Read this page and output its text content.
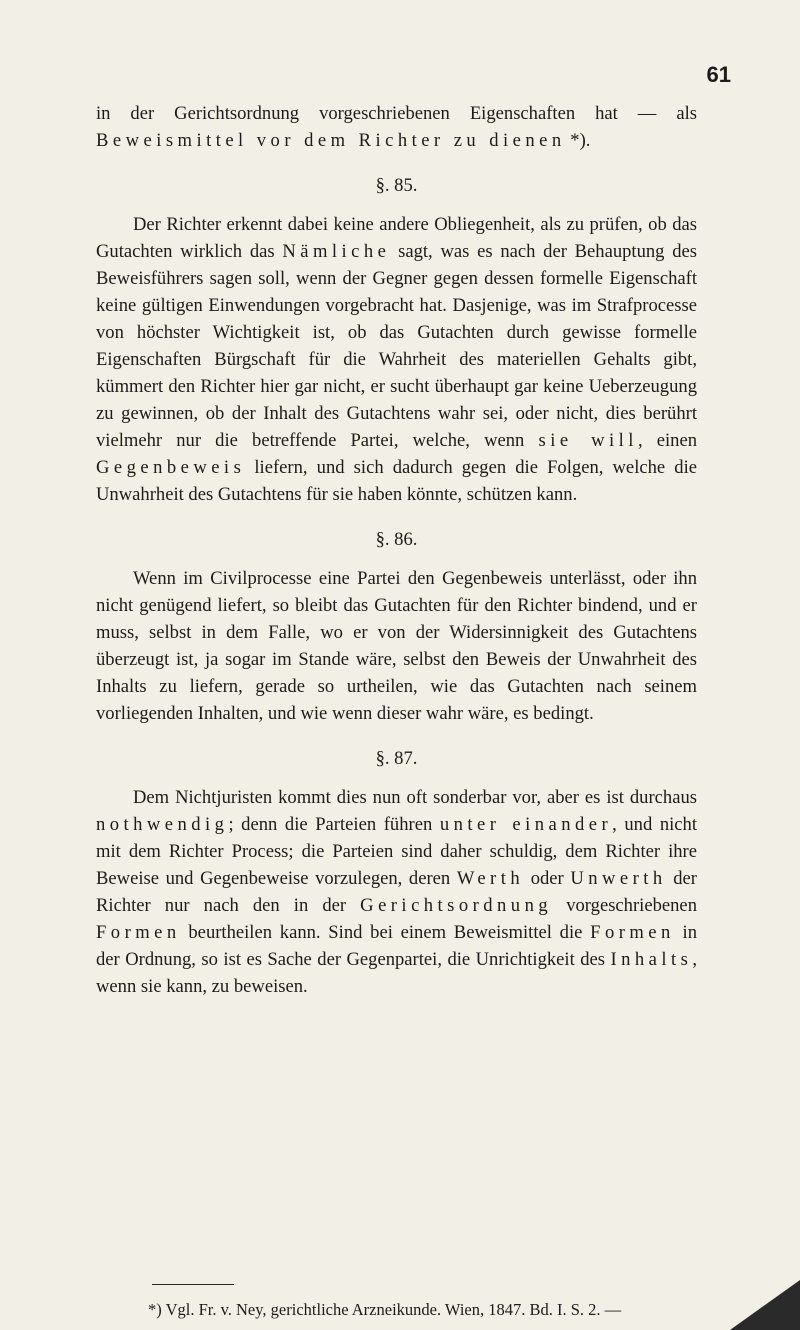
61

in der Gerichtsordnung vorgeschriebenen Eigenschaften hat — als Beweismittel vor dem Richter zu dienen *).

§. 85.

Der Richter erkennt dabei keine andere Obliegenheit, als zu prüfen, ob das Gutachten wirklich das Nämliche sagt, was es nach der Behauptung des Beweisführers sagen soll, wenn der Gegner gegen dessen formelle Eigenschaft keine gültigen Einwendungen vorgebracht hat. Dasjenige, was im Strafprocesse von höchster Wichtigkeit ist, ob das Gutachten durch gewisse formelle Eigenschaften Bürgschaft für die Wahrheit des materiellen Gehalts gibt, kümmert den Richter hier gar nicht, er sucht überhaupt gar keine Ueberzeugung zu gewinnen, ob der Inhalt des Gutachtens wahr sei, oder nicht, dies berührt vielmehr nur die betreffende Partei, welche, wenn sie will, einen Gegenbeweis liefern, und sich dadurch gegen die Folgen, welche die Unwahrheit des Gutachtens für sie haben könnte, schützen kann.

§. 86.

Wenn im Civilprocesse eine Partei den Gegenbeweis unterlässt, oder ihn nicht genügend liefert, so bleibt das Gutachten für den Richter bindend, und er muss, selbst in dem Falle, wo er von der Widersinnigkeit des Gutachtens überzeugt ist, ja sogar im Stande wäre, selbst den Beweis der Unwahrheit des Inhalts zu liefern, gerade so urtheilen, wie das Gutachten nach seinem vorliegenden Inhalten, und wie wenn dieser wahr wäre, es bedingt.

§. 87.

Dem Nichtjuristen kommt dies nun oft sonderbar vor, aber es ist durchaus nothwendig; denn die Parteien führen unter einander, und nicht mit dem Richter Process; die Parteien sind daher schuldig, dem Richter ihre Beweise und Gegenbeweise vorzulegen, deren Werth oder Unwerth der Richter nur nach den in der Gerichtsordnung vorgeschriebenen Formen beurtheilen kann. Sind bei einem Beweismittel die Formen in der Ordnung, so ist es Sache der Gegenpartei, die Unrichtigkeit des Inhalts, wenn sie kann, zu beweisen.

*) Vgl. Fr. v. Ney, gerichtliche Arzneikunde. Wien, 1847. Bd. I. S. 2. —
